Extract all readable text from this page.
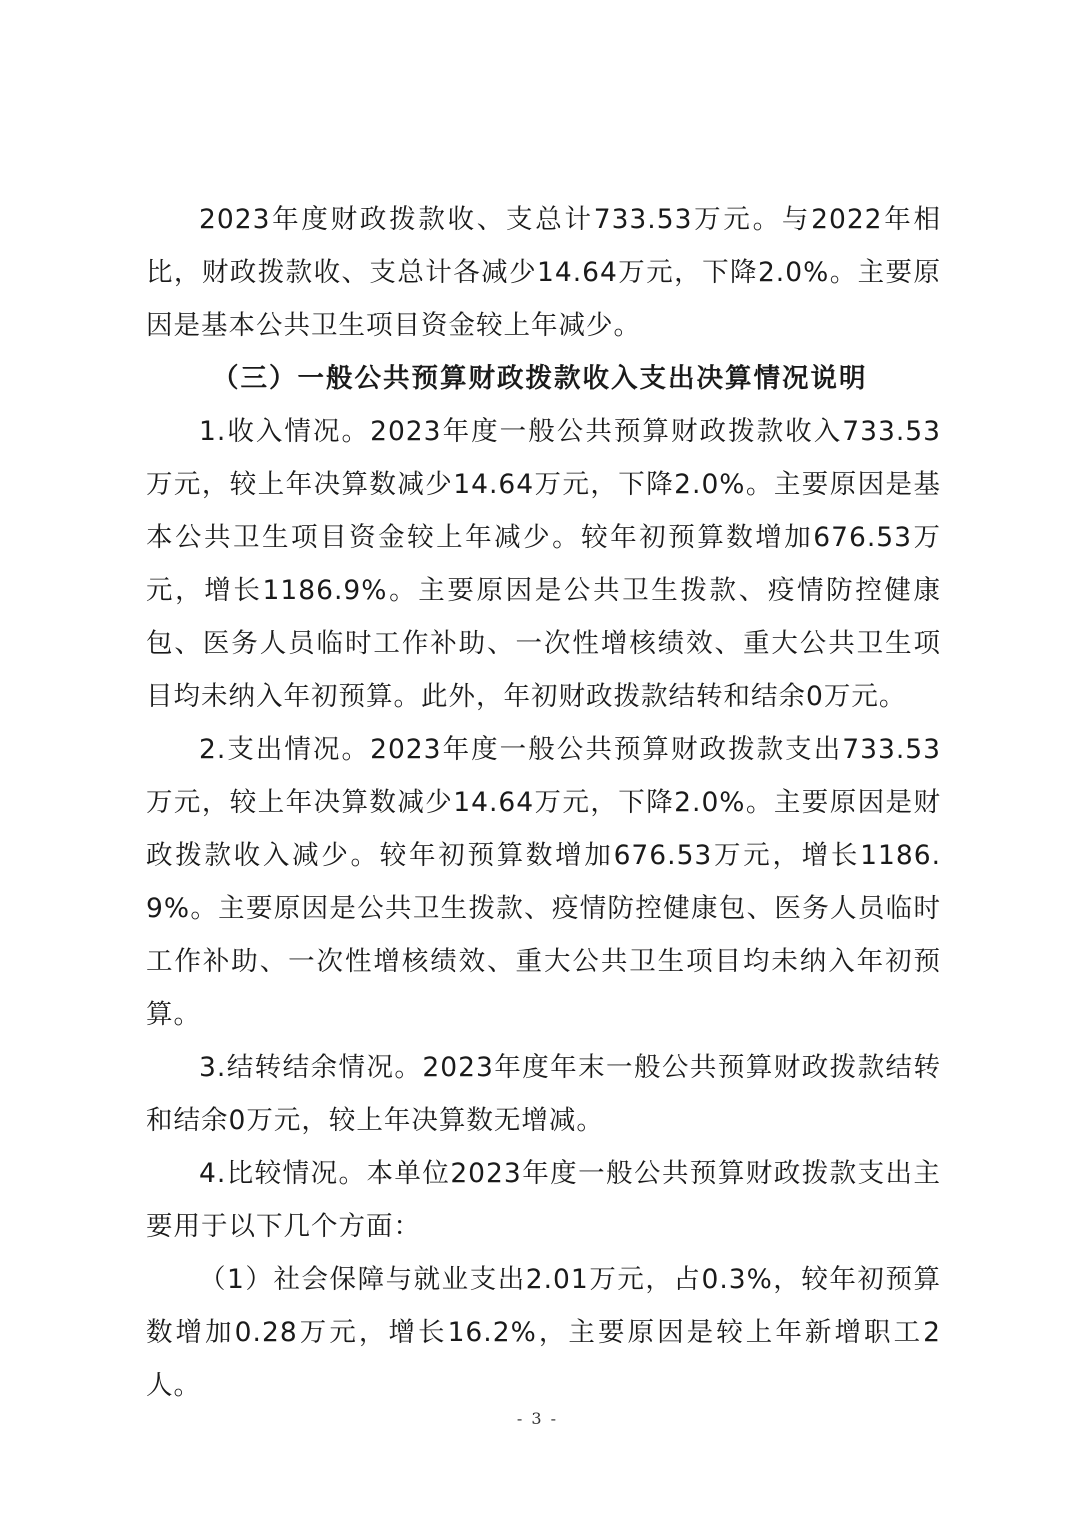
2023年度财政拨款收、支总计733.53万元。与2022年相比，财政拨款收、支总计各减少14.64万元，下降2.0%。主要原因是基本公共卫生项目资金较上年减少。

（三）一般公共预算财政拨款收入支出决算情况说明

1.收入情况。2023年度一般公共预算财政拨款收入733.53万元，较上年决算数减少14.64万元，下降2.0%。主要原因是基本公共卫生项目资金较上年减少。较年初预算数增加676.53万元，增长1186.9%。主要原因是公共卫生拨款、疫情防控健康包、医务人员临时工作补助、一次性增核绩效、重大公共卫生项目均未纳入年初预算。此外，年初财政拨款结转和结余0万元。

2.支出情况。2023年度一般公共预算财政拨款支出733.53万元，较上年决算数减少14.64万元，下降2.0%。主要原因是财政拨款收入减少。较年初预算数增加676.53万元，增长1186.9%。主要原因是公共卫生拨款、疫情防控健康包、医务人员临时工作补助、一次性增核绩效、重大公共卫生项目均未纳入年初预算。

3.结转结余情况。2023年度年末一般公共预算财政拨款结转和结余0万元，较上年决算数无增减。

4.比较情况。本单位2023年度一般公共预算财政拨款支出主要用于以下几个方面：

（1）社会保障与就业支出2.01万元，占0.3%，较年初预算数增加0.28万元，增长16.2%，主要原因是较上年新增职工2人。

- 3 -
